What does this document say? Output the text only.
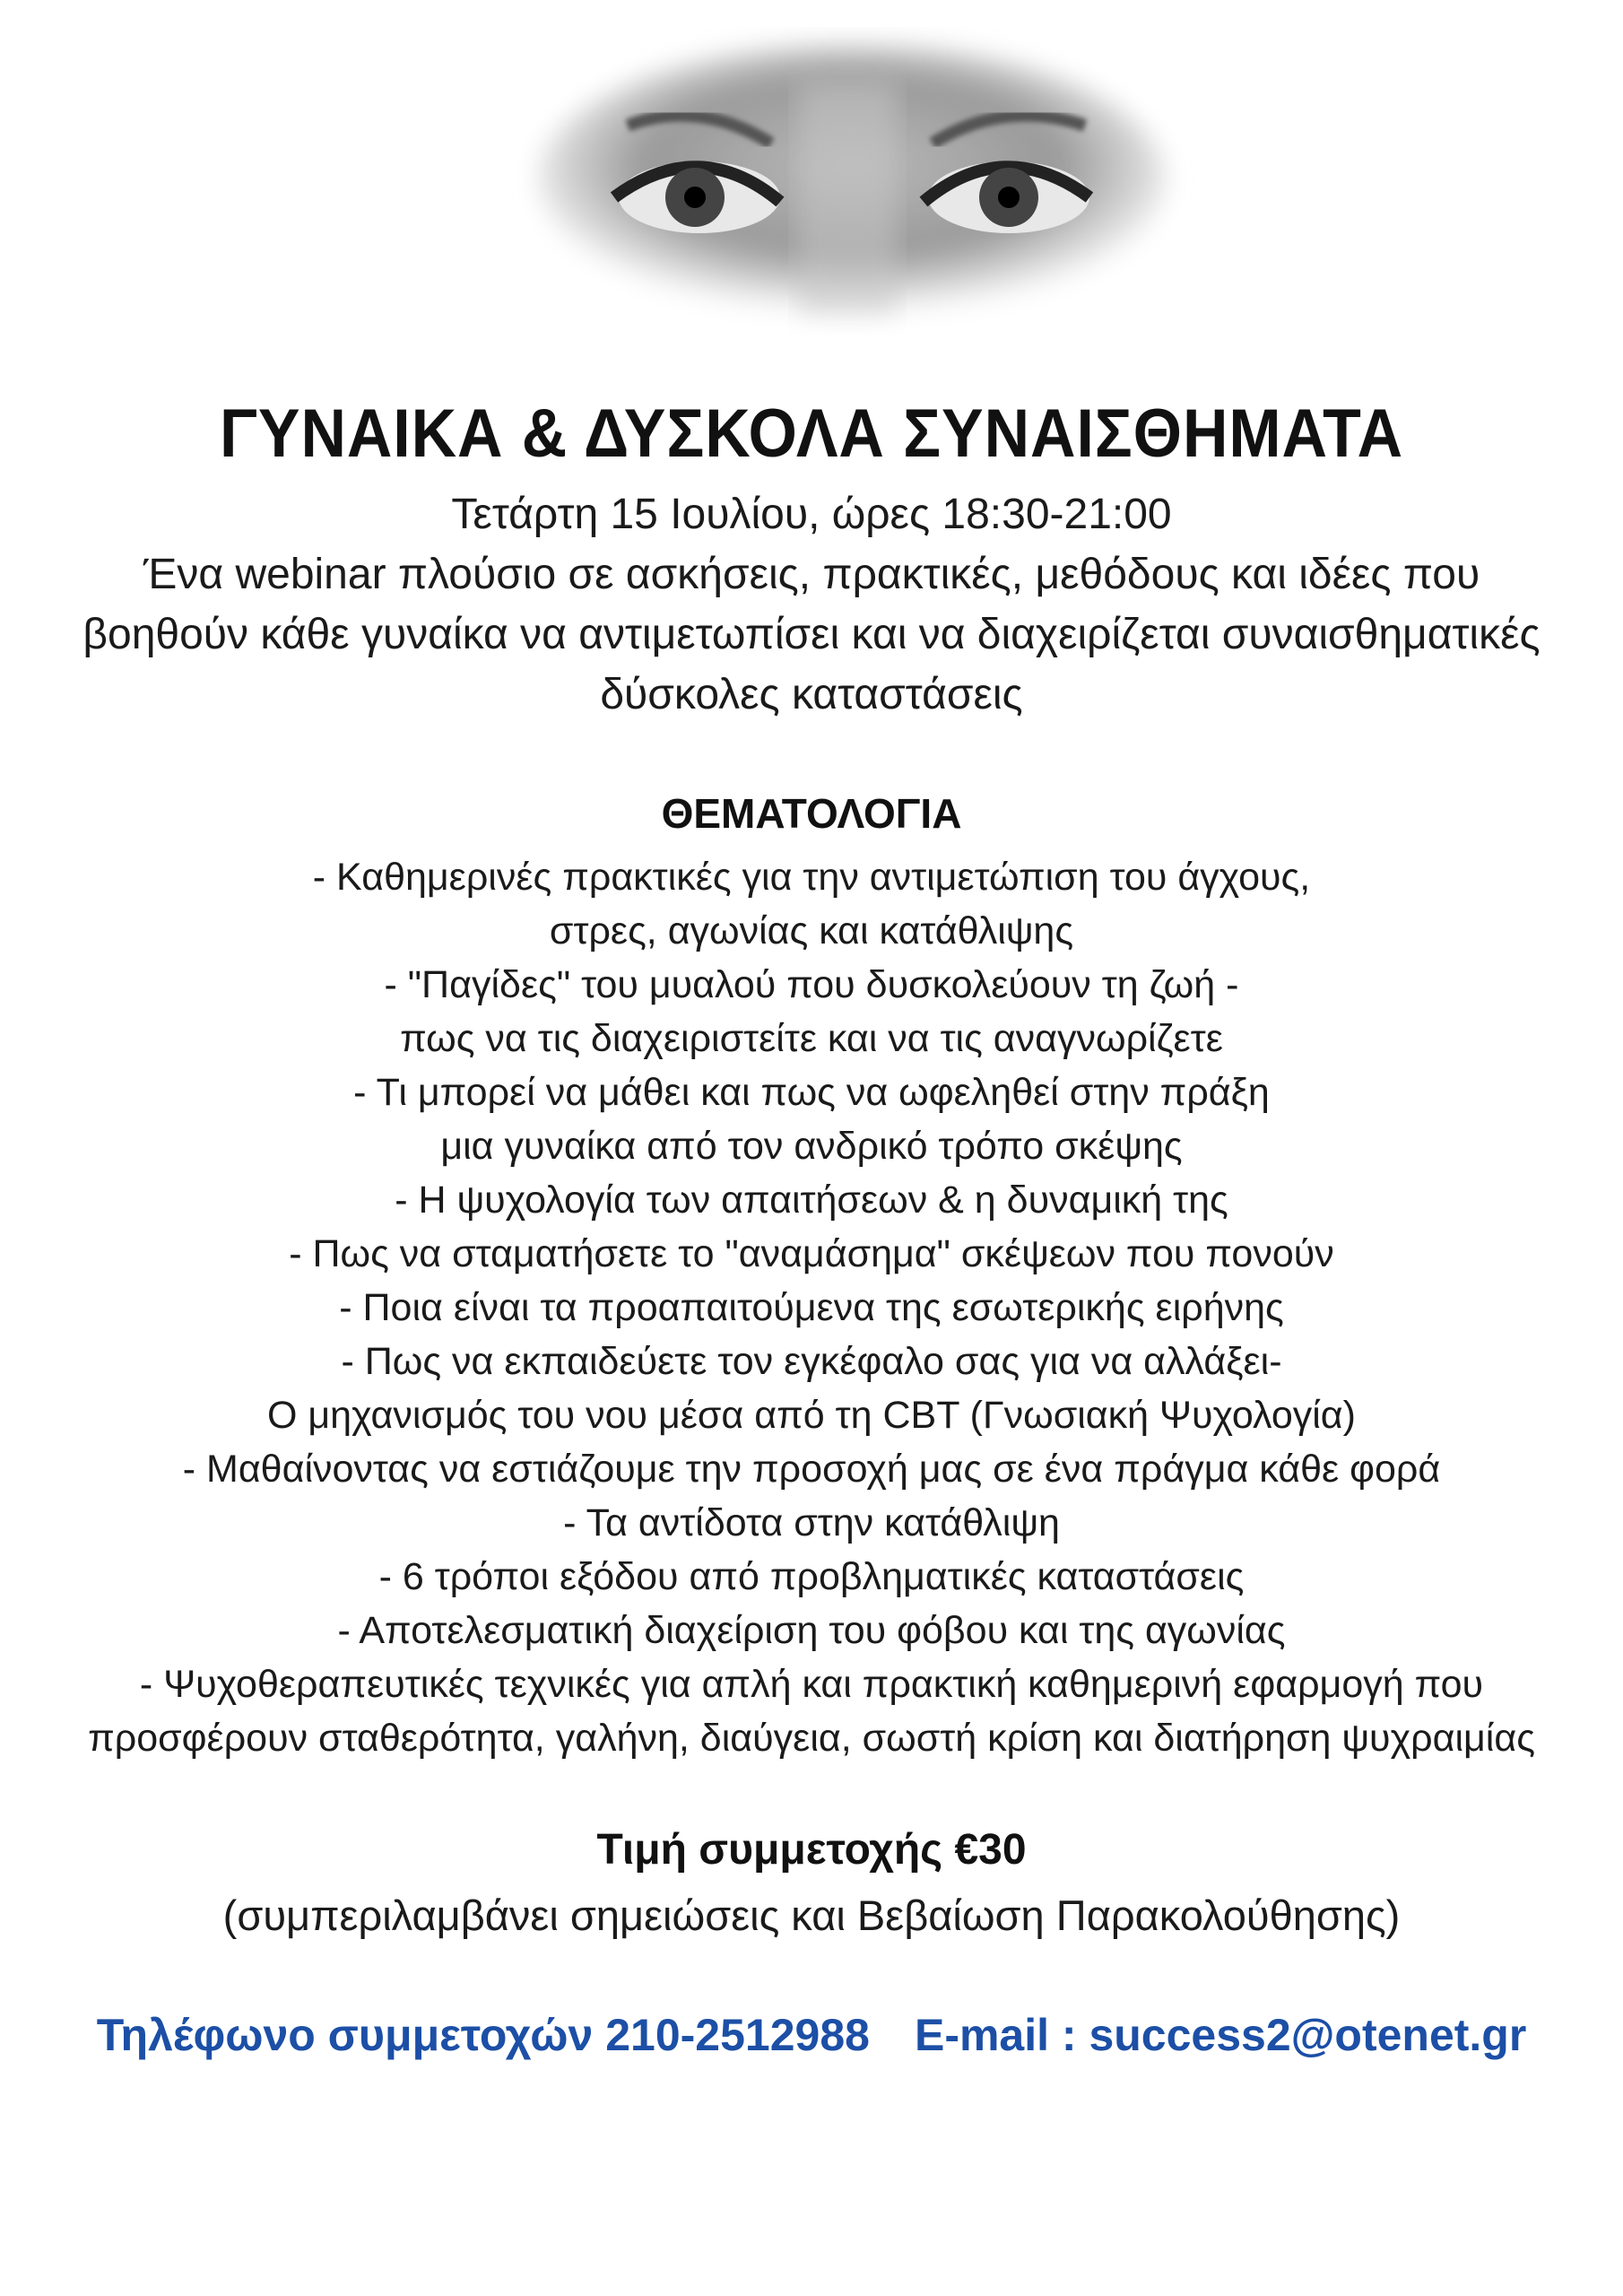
ΓΥΝΑΙΚΑ & ΔΥΣΚΟΛΑ ΣΥΝΑΙΣΘΗΜΑΤΑ
Τετάρτη 15 Ιουλίου, ώρες 18:30-21:00
Ένα webinar πλούσιο σε ασκήσεις, πρακτικές, μεθόδους και ιδέες που
βοηθούν κάθε γυναίκα να αντιμετωπίσει και να διαχειρίζεται συναισθηματικές
δύσκολες καταστάσεις
ΘΕΜΑΤΟΛΟΓΙΑ
- Καθημερινές πρακτικές για την αντιμετώπιση του άγχους,
στρες, αγωνίας και κατάθλιψης
- "Παγίδες" του μυαλού που δυσκολεύουν τη ζωή -
πως να τις διαχειριστείτε και να τις αναγνωρίζετε
- Τι μπορεί να μάθει και πως να ωφεληθεί στην πράξη
μια γυναίκα από τον ανδρικό τρόπο σκέψης
- Η ψυχολογία των απαιτήσεων & η δυναμική της
- Πως να σταματήσετε το "αναμάσημα" σκέψεων που πονούν
- Ποια είναι τα προαπαιτούμενα της εσωτερικής ειρήνης
- Πως να εκπαιδεύετε τον εγκέφαλο σας για να αλλάξει-
Ο μηχανισμός του νου μέσα από τη CBT (Γνωσιακή Ψυχολογία)
- Μαθαίνοντας να εστιάζουμε την προσοχή μας σε ένα πράγμα κάθε φορά
- Τα αντίδοτα στην κατάθλιψη
- 6 τρόποι εξόδου από προβληματικές καταστάσεις
- Αποτελεσματική διαχείριση του φόβου και της αγωνίας
- Ψυχοθεραπευτικές τεχνικές για απλή και πρακτική καθημερινή εφαρμογή που
προσφέρουν σταθερότητα, γαλήνη, διαύγεια, σωστή κρίση και διατήρηση ψυχραιμίας
Τιμή συμμετοχής €30
(συμπεριλαμβάνει σημειώσεις και Βεβαίωση Παρακολούθησης)
Τηλέφωνο συμμετοχών 210-2512988 E-mail : success2@otenet.gr
